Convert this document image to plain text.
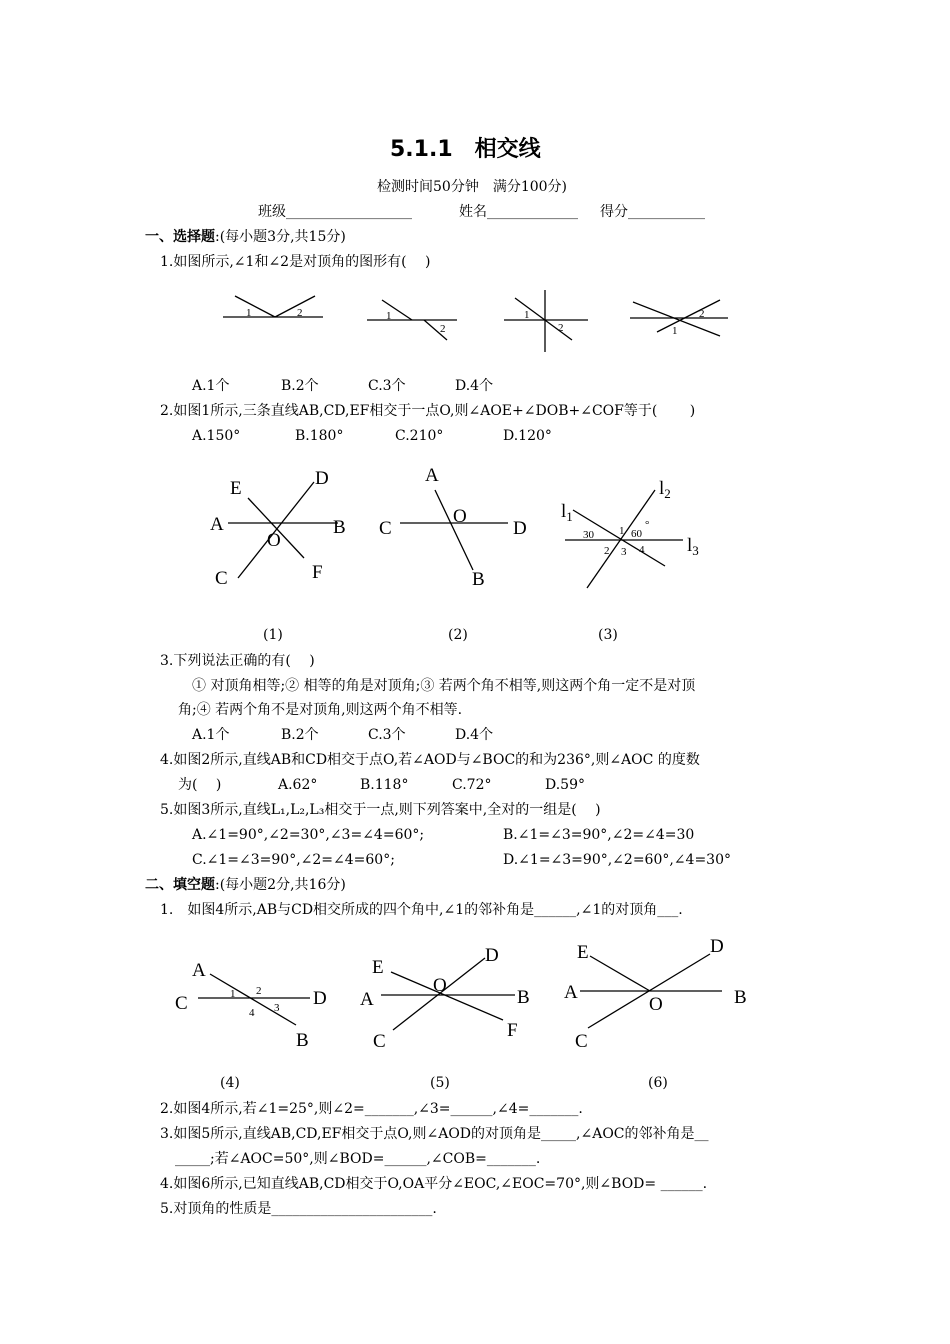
5.1.1　相交线
检测时间50分钟　满分100分)
班级__________________	姓名_____________ 得分___________
一、选择题:(每小题3分,共15分)
1.如图所示,∠1和∠2是对顶角的图形有(　 )
1	2	1
2
1
2
2
1
A.1个	B.2个	C.3个	D.4个
2.如图1所示,三条直线AB,CD,EF相交于一点O,则∠AOE+∠DOB+∠COF等于(　　 )
A.150°	B.180°	C.210°	D.120°
E	D
A	B
O
C	F
A
C
O
D
B
$l_1$
$l_2$
$l_3$
30 1 60
°
2 3 4
(1)	(2)	(3)
3.下列说法正确的有(　 )
① 对顶角相等;② 相等的角是对顶角;③ 若两个角不相等,则这两个角一定不是对顶
角;④ 若两个角不是对顶角,则这两个角不相等.
A.1个	B.2个	C.3个	D.4个
4.如图2所示,直线AB和CD相交于点O,若∠AOD与∠BOC的和为236°,则∠AOC 的度数
为(　 )	A.62°	B.118°	C.72°	D.59°
5.如图3所示,直线L₁,L₂,L₃相交于一点,则下列答案中,全对的一组是(　 )
A.∠1=90°,∠2=30°,∠3=∠4=60°;	B.∠1=∠3=90°,∠2=∠4=30
C.∠1=∠3=90°,∠2=∠4=60°;	D.∠1=∠3=90°,∠2=60°,∠4=30°
二、填空题:(每小题2分,共16分)
1.　如图4所示,AB与CD相交所成的四个角中,∠1的邻补角是______,∠1的对顶角___.
A
C	D
B
1 2
3
4
E
D
A
O
B
C
F
E	D
A
O	B
C
(4)	(5)	(6)
2.如图4所示,若∠1=25°,则∠2=_______,∠3=______,∠4=_______.
3.如图5所示,直线AB,CD,EF相交于点O,则∠AOD的对顶角是_____,∠AOC的邻补角是__
_____;若∠AOC=50°,则∠BOD=______,∠COB=_______.
4.如图6所示,已知直线AB,CD相交于O,OA平分∠EOC,∠EOC=70°,则∠BOD= ______.
5.对顶角的性质是_______________________.
